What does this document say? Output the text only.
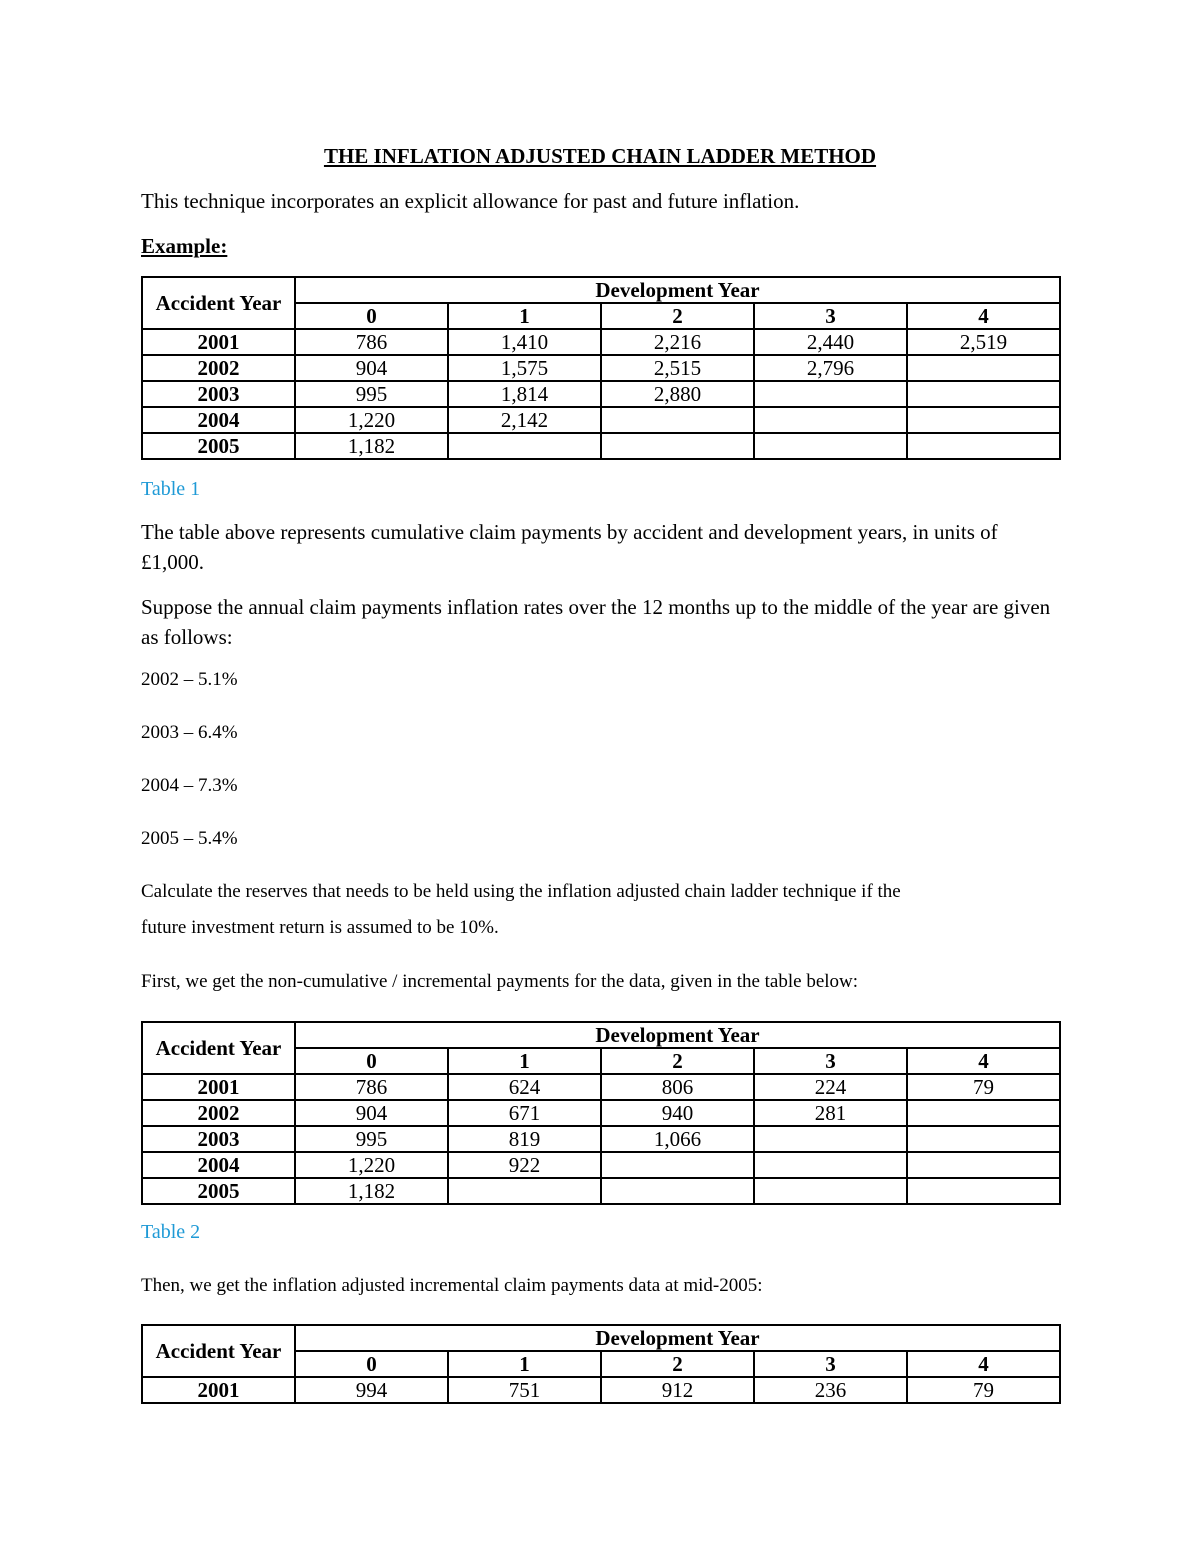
THE INFLATION ADJUSTED CHAIN LADDER METHOD

This technique incorporates an explicit allowance for past and future inflation.

Example:

Accident Year	Development Year				
	0	1	2	3	4
2001	786	1,410	2,216	2,440	2,519
2002	904	1,575	2,515	2,796	
2003	995	1,814	2,880		
2004	1,220	2,142			
2005	1,182				

Table 1

The table above represents cumulative claim payments by accident and development years, in units of £1,000.

Suppose the annual claim payments inflation rates over the 12 months up to the middle of the year are given as follows:

2002 – 5.1%

2003 – 6.4%

2004 – 7.3%

2005 – 5.4%

Calculate the reserves that needs to be held using the inflation adjusted chain ladder technique if the

future investment return is assumed to be 10%.

First, we get the non-cumulative / incremental payments for the data, given in the table below:

Accident Year	Development Year				
	0	1	2	3	4
2001	786	624	806	224	79
2002	904	671	940	281	
2003	995	819	1,066		
2004	1,220	922			
2005	1,182				

Table 2

Then, we get the inflation adjusted incremental claim payments data at mid-2005:

Accident Year	Development Year				
	0	1	2	3	4
2001	994	751	912	236	79
